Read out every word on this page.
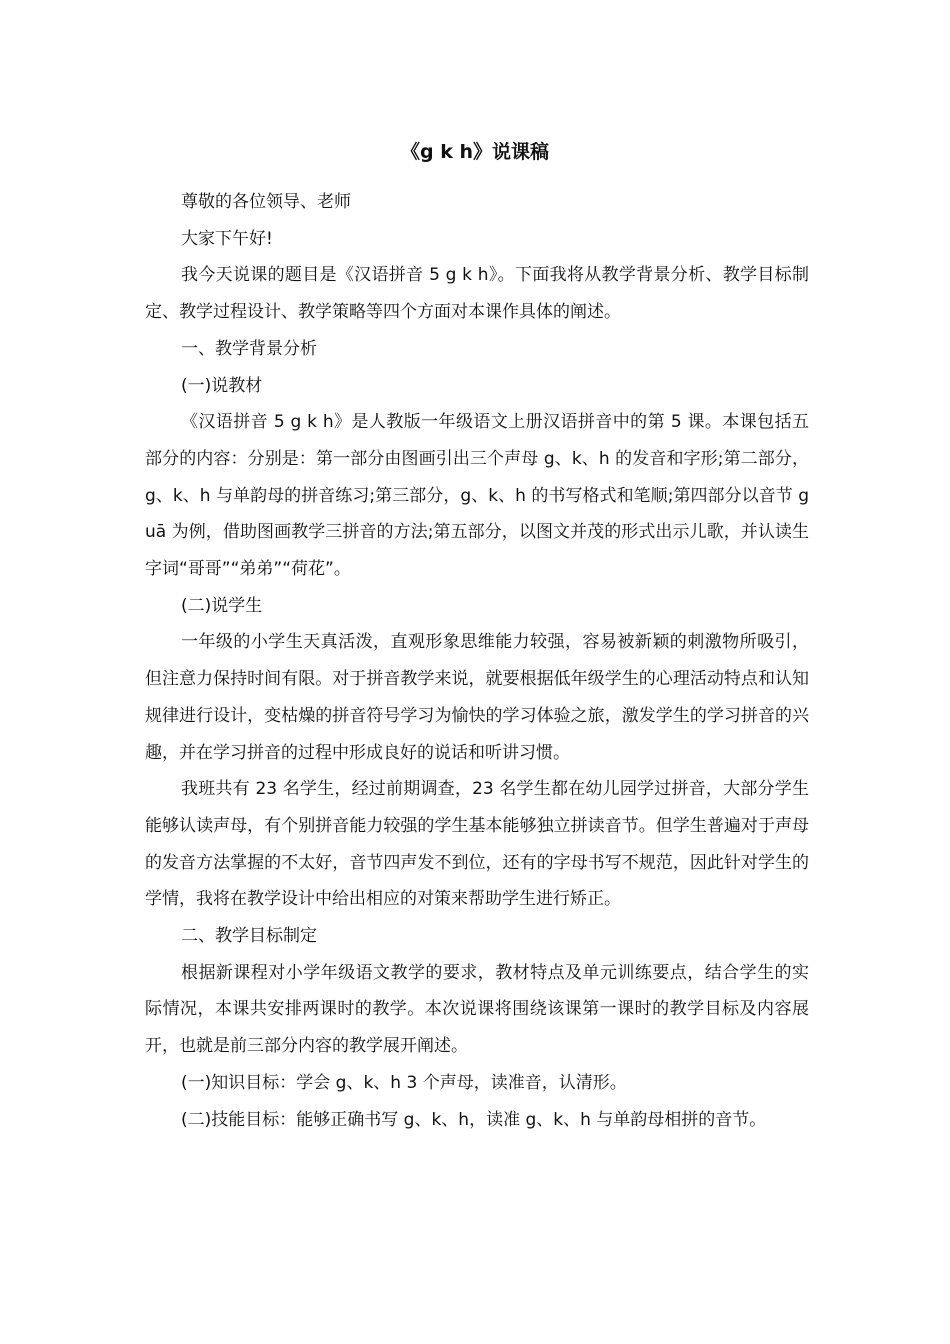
《g k h》说课稿

尊敬的各位领导、老师

大家下午好!

我今天说课的题目是《汉语拼音 5 g k h》。下面我将从教学背景分析、教学目标制定、教学过程设计、教学策略等四个方面对本课作具体的阐述。

一、教学背景分析

(一)说教材

《汉语拼音 5 g k h》是人教版一年级语文上册汉语拼音中的第 5 课。本课包括五部分的内容：分别是：第一部分由图画引出三个声母 g、k、h 的发音和字形;第二部分，g、k、h 与单韵母的拼音练习;第三部分，g、k、h 的书写格式和笔顺;第四部分以音节 guā 为例，借助图画教学三拼音的方法;第五部分，以图文并茂的形式出示儿歌，并认读生字词“哥哥”“弟弟”“荷花”。

(二)说学生

一年级的小学生天真活泼，直观形象思维能力较强，容易被新颖的刺激物所吸引，但注意力保持时间有限。对于拼音教学来说，就要根据低年级学生的心理活动特点和认知规律进行设计，变枯燥的拼音符号学习为愉快的学习体验之旅，激发学生的学习拼音的兴趣，并在学习拼音的过程中形成良好的说话和听讲习惯。

我班共有 23 名学生，经过前期调查，23 名学生都在幼儿园学过拼音，大部分学生能够认读声母，有个别拼音能力较强的学生基本能够独立拼读音节。但学生普遍对于声母的发音方法掌握的不太好，音节四声发不到位，还有的字母书写不规范，因此针对学生的学情，我将在教学设计中给出相应的对策来帮助学生进行矫正。

二、教学目标制定

根据新课程对小学年级语文教学的要求，教材特点及单元训练要点，结合学生的实际情况，本课共安排两课时的教学。本次说课将围绕该课第一课时的教学目标及内容展开，也就是前三部分内容的教学展开阐述。

(一)知识目标：学会 g、k、h 3 个声母，读准音，认清形。

(二)技能目标：能够正确书写 g、k、h，读准 g、k、h 与单韵母相拼的音节。
